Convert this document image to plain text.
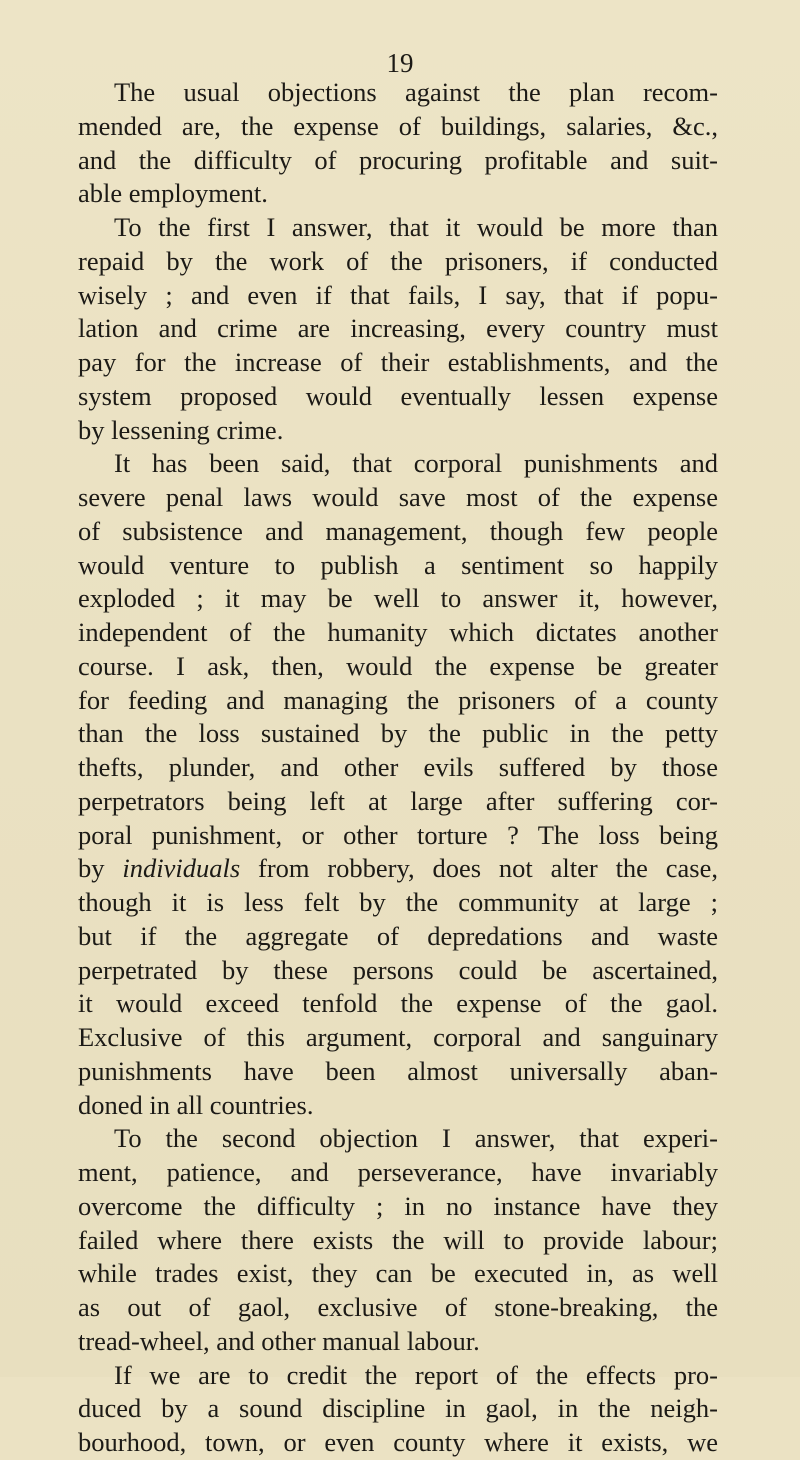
19
The usual objections against the plan recom-
mended are, the expense of buildings, salaries, &c.,
and the difficulty of procuring profitable and suit-
able employment.
To the first I answer, that it would be more than
repaid by the work of the prisoners, if conducted
wisely ; and even if that fails, I say, that if popu-
lation and crime are increasing, every country must
pay for the increase of their establishments, and the
system proposed would eventually lessen expense
by lessening crime.
It has been said, that corporal punishments and
severe penal laws would save most of the expense
of subsistence and management, though few people
would venture to publish a sentiment so happily
exploded ; it may be well to answer it, however,
independent of the humanity which dictates another
course. I ask, then, would the expense be greater
for feeding and managing the prisoners of a county
than the loss sustained by the public in the petty
thefts, plunder, and other evils suffered by those
perpetrators being left at large after suffering cor-
poral punishment, or other torture ? The loss being
by individuals from robbery, does not alter the case,
though it is less felt by the community at large ;
but if the aggregate of depredations and waste
perpetrated by these persons could be ascertained,
it would exceed tenfold the expense of the gaol.
Exclusive of this argument, corporal and sanguinary
punishments have been almost universally aban-
doned in all countries.
To the second objection I answer, that experi-
ment, patience, and perseverance, have invariably
overcome the difficulty ; in no instance have they
failed where there exists the will to provide labour;
while trades exist, they can be executed in, as well
as out of gaol, exclusive of stone-breaking, the
tread-wheel, and other manual labour.
If we are to credit the report of the effects pro-
duced by a sound discipline in gaol, in the neigh-
bourhood, town, or even county where it exists, we
